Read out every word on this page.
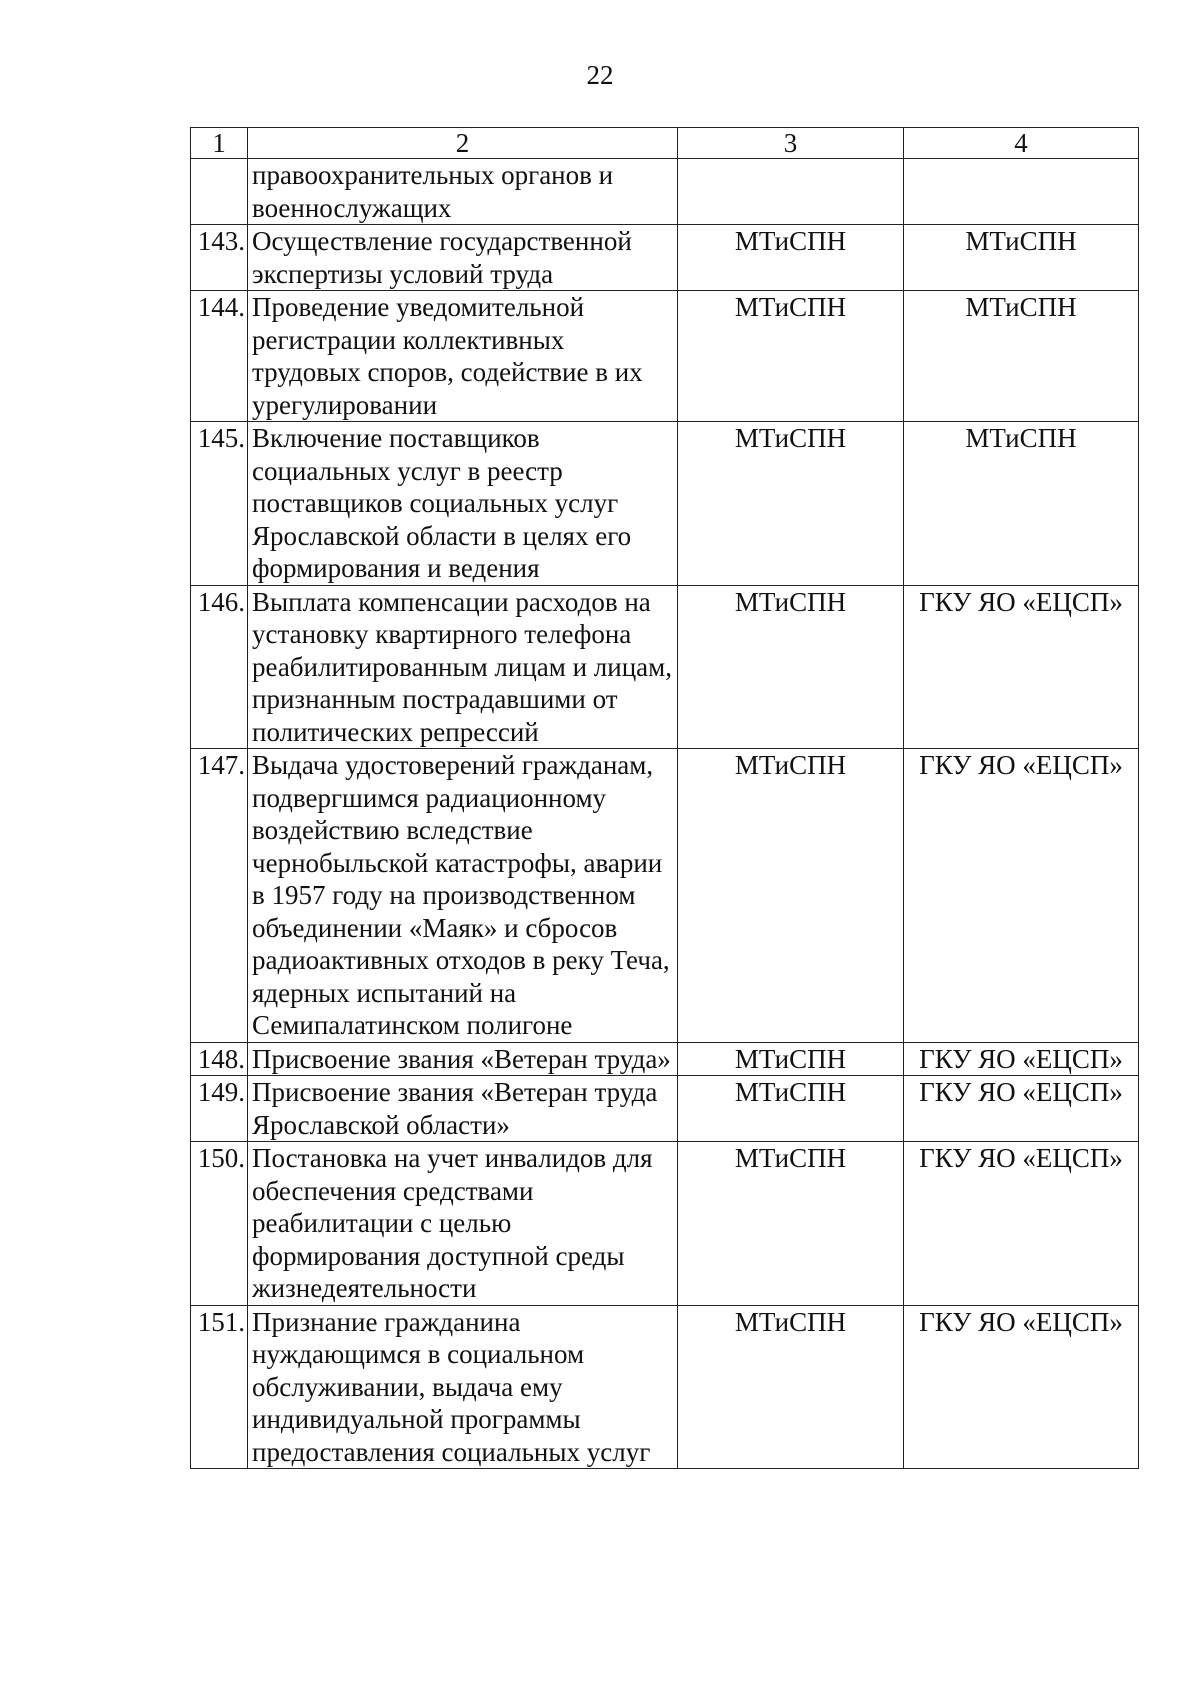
22
1	2	3	4
	правоохранительных органов и военнослужащих		
143.	Осуществление государственной экспертизы условий труда	МТиСПН	МТиСПН
144.	Проведение уведомительной регистрации коллективных трудовых споров, содействие в их урегулировании	МТиСПН	МТиСПН
145.	Включение поставщиков социальных услуг в реестр поставщиков социальных услуг Ярославской области в целях его формирования и ведения	МТиСПН	МТиСПН
146.	Выплата компенсации расходов на установку квартирного телефона реабилитированным лицам и лицам, признанным пострадавшими от политических репрессий	МТиСПН	ГКУ ЯО «ЕЦСП»
147.	Выдача удостоверений гражданам, подвергшимся радиационному воздействию вследствие чернобыльской катастрофы, аварии в 1957 году на производственном объединении «Маяк» и сбросов радиоактивных отходов в реку Теча, ядерных испытаний на Семипалатинском полигоне	МТиСПН	ГКУ ЯО «ЕЦСП»
148.	Присвоение звания «Ветеран труда»	МТиСПН	ГКУ ЯО «ЕЦСП»
149.	Присвоение звания «Ветеран труда Ярославской области»	МТиСПН	ГКУ ЯО «ЕЦСП»
150.	Постановка на учет инвалидов для обеспечения средствами реабилитации с целью формирования доступной среды жизнедеятельности	МТиСПН	ГКУ ЯО «ЕЦСП»
151.	Признание гражданина нуждающимся в социальном обслуживании, выдача ему индивидуальной программы предоставления социальных услуг	МТиСПН	ГКУ ЯО «ЕЦСП»
